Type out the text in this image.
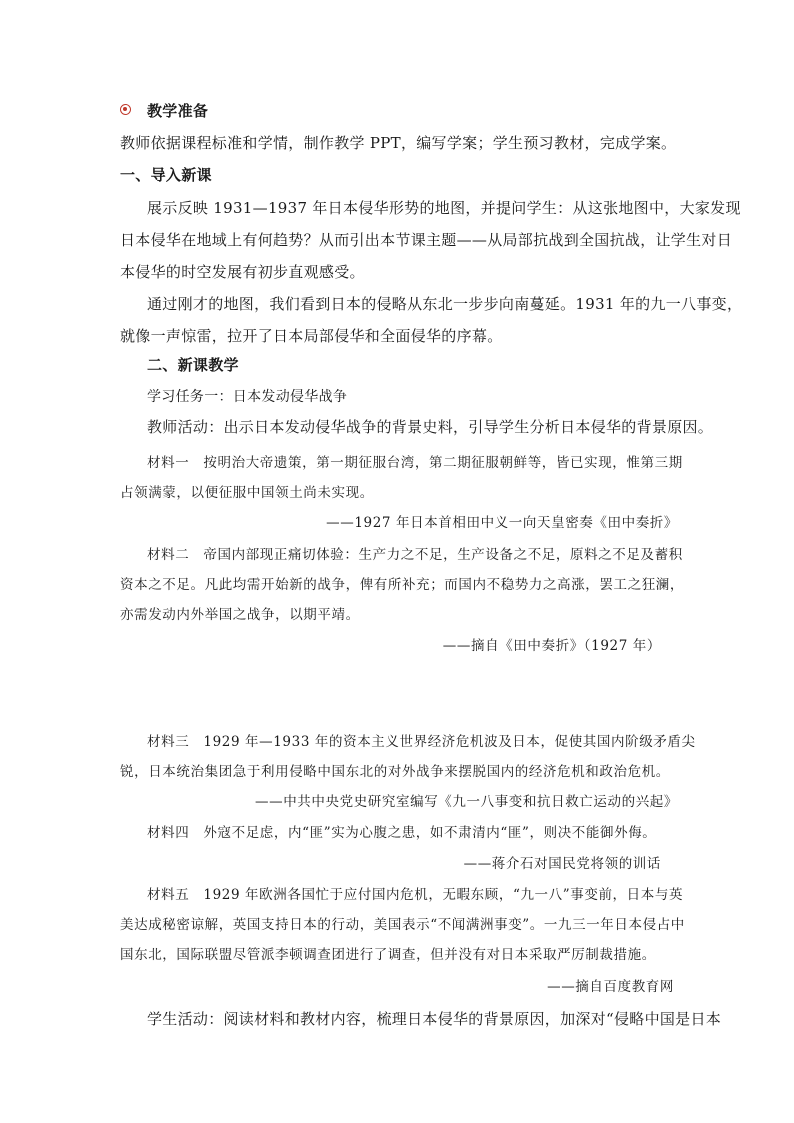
教学准备
教师依据课程标准和学情，制作教学 PPT，编写学案；学生预习教材，完成学案。
一、导入新课
展示反映 1931—1937 年日本侵华形势的地图，并提问学生：从这张地图中，大家发现
日本侵华在地域上有何趋势？从而引出本节课主题——从局部抗战到全国抗战，让学生对日
本侵华的时空发展有初步直观感受。
通过刚才的地图，我们看到日本的侵略从东北一步步向南蔓延。1931 年的九一八事变，
就像一声惊雷，拉开了日本局部侵华和全面侵华的序幕。
二、新课教学
学习任务一：日本发动侵华战争
教师活动：出示日本发动侵华战争的背景史料，引导学生分析日本侵华的背景原因。
材料一　按明治大帝遗策，第一期征服台湾，第二期征服朝鲜等，皆已实现，惟第三期
占领满蒙，以便征服中国领土尚未实现。
——1927 年日本首相田中义一向天皇密奏《田中奏折》
材料二　帝国内部现正痛切体验：生产力之不足，生产设备之不足，原料之不足及蓄积
资本之不足。凡此均需开始新的战争，俾有所补充；而国内不稳势力之高涨，罢工之狂澜，
亦需发动内外举国之战争，以期平靖。
——摘自《田中奏折》（1927 年）
材料三　1929 年—1933 年的资本主义世界经济危机波及日本，促使其国内阶级矛盾尖
锐，日本统治集团急于利用侵略中国东北的对外战争来摆脱国内的经济危机和政治危机。
——中共中央党史研究室编写《九一八事变和抗日救亡运动的兴起》
材料四　外寇不足虑，内“匪”实为心腹之患，如不肃清内“匪”，则决不能御外侮。
——蒋介石对国民党将领的训话
材料五　1929 年欧洲各国忙于应付国内危机，无暇东顾，“九一八”事变前，日本与英
美达成秘密谅解，英国支持日本的行动，美国表示“不闻满洲事变”。一九三一年日本侵占中
国东北，国际联盟尽管派李顿调查团进行了调查，但并没有对日本采取严厉制裁措施。
——摘自百度教育网
学生活动：阅读材料和教材内容，梳理日本侵华的背景原因，加深对“侵略中国是日本
